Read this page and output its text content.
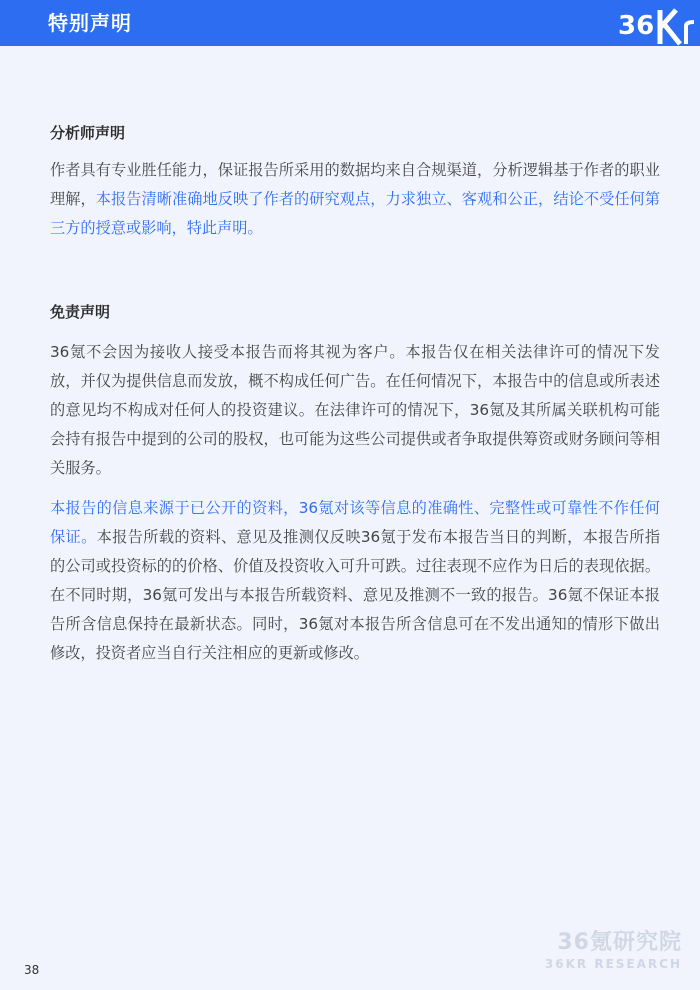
特别声明	36
分析师声明
作者具有专业胜任能力，保证报告所采用的数据均来自合规渠道，分析逻辑基于作者的职业理解，本报告清晰准确地反映了作者的研究观点，力求独立、客观和公正，结论不受任何第三方的授意或影响，特此声明。
免责声明
36氪不会因为接收人接受本报告而将其视为客户。本报告仅在相关法律许可的情况下发放，并仅为提供信息而发放，概不构成任何广告。在任何情况下，本报告中的信息或所表述的意见均不构成对任何人的投资建议。在法律许可的情况下，36氪及其所属关联机构可能会持有报告中提到的公司的股权，也可能为这些公司提供或者争取提供筹资或财务顾问等相关服务。
本报告的信息来源于已公开的资料，36氪对该等信息的准确性、完整性或可靠性不作任何保证。本报告所载的资料、意见及推测仅反映36氪于发布本报告当日的判断，本报告所指的公司或投资标的的价格、价值及投资收入可升可跌。过往表现不应作为日后的表现依据。在不同时期，36氪可发出与本报告所载资料、意见及推测不一致的报告。36氪不保证本报告所含信息保持在最新状态。同时，36氪对本报告所含信息可在不发出通知的情形下做出修改，投资者应当自行关注相应的更新或修改。
38
36氪研究院
36KR RESEARCH
